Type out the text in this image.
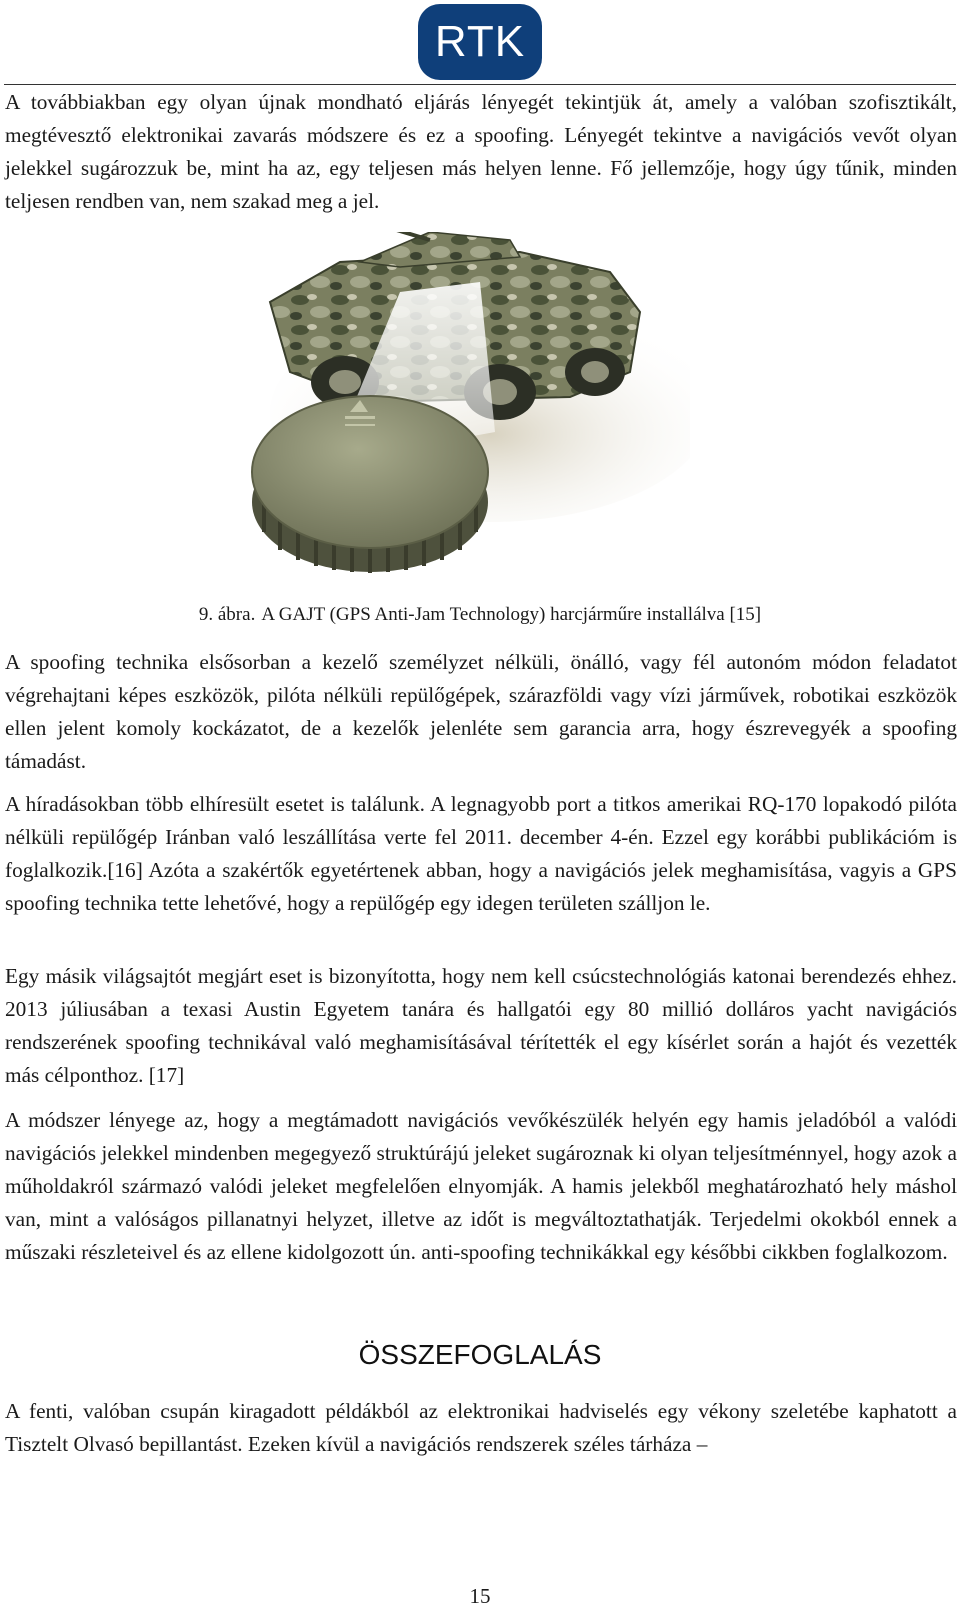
RTK

A továbbiakban egy olyan újnak mondható eljárás lényegét tekintjük át, amely a valóban szofisztikált, megtévesztő elektronikai zavarás módszere és ez a spoofing. Lényegét tekintve a navigációs vevőt olyan jelekkel sugározzuk be, mint ha az, egy teljesen más helyen lenne. Fő jellemzője, hogy úgy tűnik, minden teljesen rendben van, nem szakad meg a jel.

9. ábra. A GAJT (GPS Anti-Jam Technology) harcjárműre installálva [15]

A spoofing technika elsősorban a kezelő személyzet nélküli, önálló, vagy fél autonóm módon feladatot végrehajtani képes eszközök, pilóta nélküli repülőgépek, szárazföldi vagy vízi járművek, robotikai eszközök ellen jelent komoly kockázatot, de a kezelők jelenléte sem garancia arra, hogy észrevegyék a spoofing támadást.

A híradásokban több elhíresült esetet is találunk. A legnagyobb port a titkos amerikai RQ-170 lopakodó pilóta nélküli repülőgép Iránban való leszállítása verte fel 2011. december 4-én. Ezzel egy korábbi publikációm is foglalkozik.[16] Azóta a szakértők egyetértenek abban, hogy a navigációs jelek meghamisítása, vagyis a GPS spoofing technika tette lehetővé, hogy a repülőgép egy idegen területen szálljon le.

Egy másik világsajtót megjárt eset is bizonyította, hogy nem kell csúcstechnológiás katonai berendezés ehhez. 2013 júliusában a texasi Austin Egyetem tanára és hallgatói egy 80 millió dolláros yacht navigációs rendszerének spoofing technikával való meghamisításával térítették el egy kísérlet során a hajót és vezették más célponthoz. [17]

A módszer lényege az, hogy a megtámadott navigációs vevőkészülék helyén egy hamis jeladóból a valódi navigációs jelekkel mindenben megegyező struktúrájú jeleket sugároznak ki olyan teljesítménnyel, hogy azok a műholdakról származó valódi jeleket megfelelően elnyomják. A hamis jelekből meghatározható hely máshol van, mint a valóságos pillanatnyi helyzet, illetve az időt is megváltoztathatják. Terjedelmi okokból ennek a műszaki részleteivel és az ellene kidolgozott ún. anti-spoofing technikákkal egy későbbi cikkben foglalkozom.

ÖSSZEFOGLALÁS

A fenti, valóban csupán kiragadott példákból az elektronikai hadviselés egy vékony szeletébe kaphatott a Tisztelt Olvasó bepillantást. Ezeken kívül a navigációs rendszerek széles tárháza –

15
